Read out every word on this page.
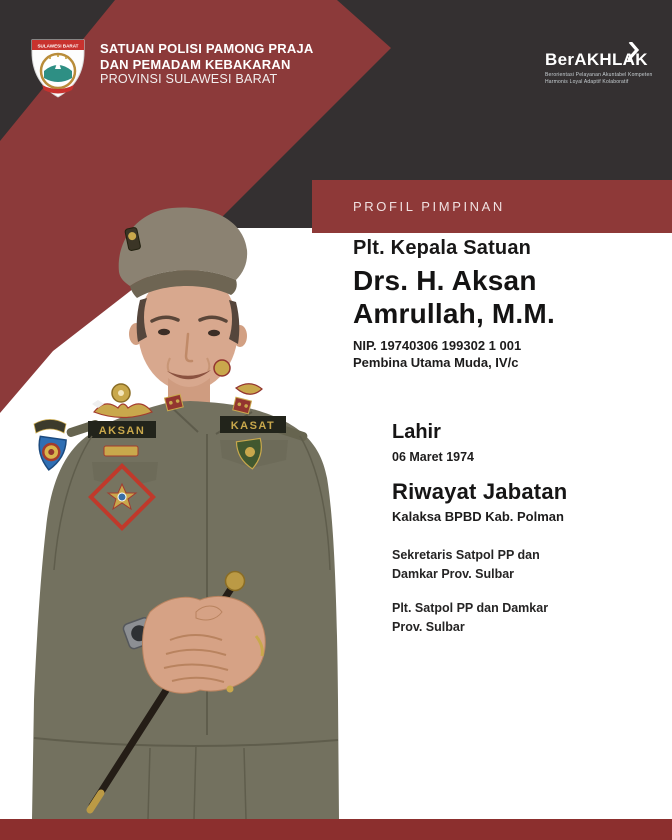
AKSAN	KASAT
SULAWESI BARAT SATUAN POLISI PAMONG PRAJA
DAN PEMADAM KEBAKARAN
PROVINSI SULAWESI BARAT
BerAKHLAK
Berorientasi Pelayanan Akuntabel Kompeten
Harmonis Loyal Adaptif Kolaboratif
PROFIL PIMPINAN
Plt. Kepala Satuan
Drs. H. Aksan
Amrullah, M.M.
NIP. 19740306 199302 1 001
Pembina Utama Muda, IV/c
Lahir
06 Maret 1974
Riwayat Jabatan
Kalaksa BPBD Kab. Polman
Sekretaris Satpol PP dan
Damkar Prov. Sulbar
Plt. Satpol PP dan Damkar
Prov. Sulbar
